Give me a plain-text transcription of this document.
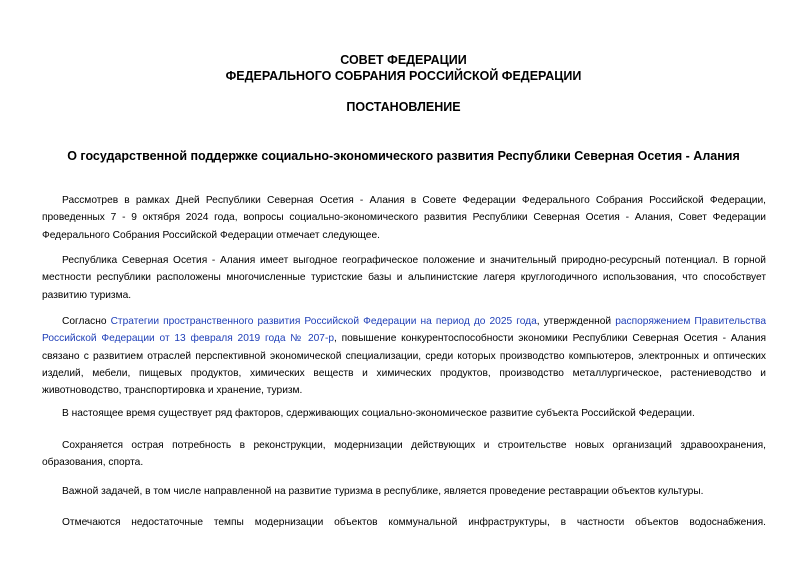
СОВЕТ ФЕДЕРАЦИИ
ФЕДЕРАЛЬНОГО СОБРАНИЯ РОССИЙСКОЙ ФЕДЕРАЦИИ
ПОСТАНОВЛЕНИЕ
О государственной поддержке социально-экономического развития Республики Северная Осетия - Алания
Рассмотрев в рамках Дней Республики Северная Осетия - Алания в Совете Федерации Федерального Собрания Российской Федерации, проведенных 7 - 9 октября 2024 года, вопросы социально-экономического развития Республики Северная Осетия - Алания, Совет Федерации Федерального Собрания Российской Федерации отмечает следующее.
Республика Северная Осетия - Алания имеет выгодное географическое положение и значительный природно-ресурсный потенциал. В горной местности республики расположены многочисленные туристские базы и альпинистские лагеря круглогодичного использования, что способствует развитию туризма.
Согласно Стратегии пространственного развития Российской Федерации на период до 2025 года, утвержденной распоряжением Правительства Российской Федерации от 13 февраля 2019 года № 207-р, повышение конкурентоспособности экономики Республики Северная Осетия - Алания связано с развитием отраслей перспективной экономической специализации, среди которых производство компьютеров, электронных и оптических изделий, мебели, пищевых продуктов, химических веществ и химических продуктов, производство металлургическое, растениеводство и животноводство, транспортировка и хранение, туризм.
В настоящее время существует ряд факторов, сдерживающих социально-экономическое развитие субъекта Российской Федерации.
Сохраняется острая потребность в реконструкции, модернизации действующих и строительстве новых организаций здравоохранения, образования, спорта.
Важной задачей, в том числе направленной на развитие туризма в республике, является проведение реставрации объектов культуры.
Отмечаются недостаточные темпы модернизации объектов коммунальной инфраструктуры, в частности объектов водоснабжения.
